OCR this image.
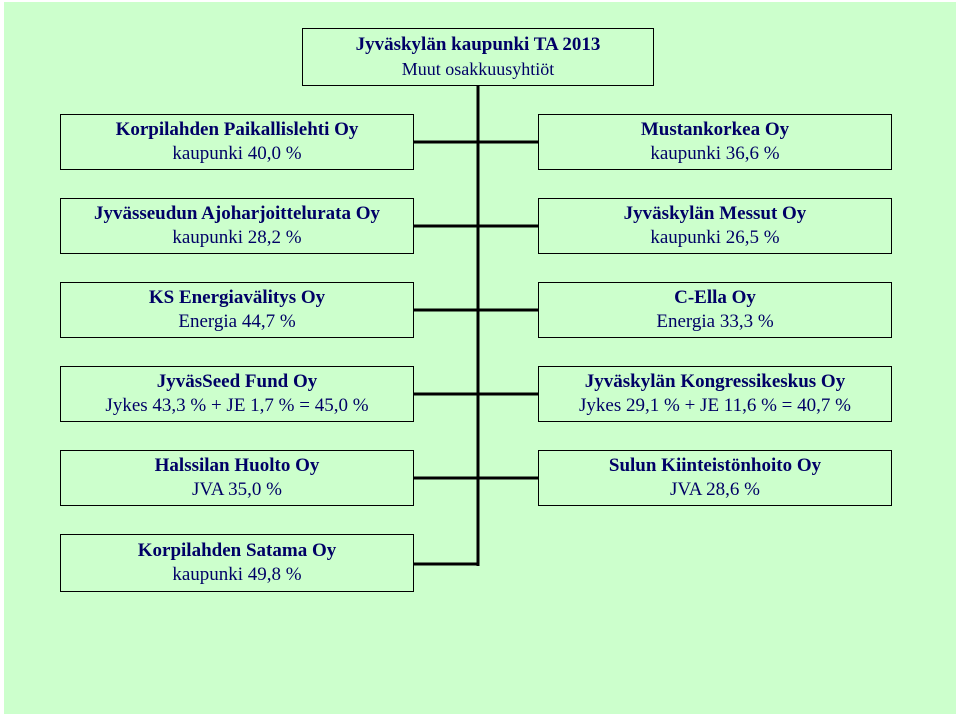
Jyväskylän kaupunki TA 2013
Muut osakkuusyhtiöt
Korpilahden Paikallislehti Oy
kaupunki 40,0 %
Jyvässeudun Ajoharjoittelurata Oy
kaupunki 28,2 %
KS Energiavälitys Oy
Energia 44,7 %
JyväsSeed Fund Oy
Jykes 43,3 % + JE 1,7 % = 45,0 %
Halssilan Huolto Oy
JVA 35,0 %
Korpilahden Satama Oy
kaupunki 49,8 %
Mustankorkea Oy
kaupunki 36,6 %
Jyväskylän Messut Oy
kaupunki 26,5 %
C-Ella Oy
Energia 33,3 %
Jyväskylän Kongressikeskus Oy
Jykes 29,1 % + JE 11,6 % = 40,7 %
Sulun Kiinteistönhoito Oy
JVA 28,6 %
